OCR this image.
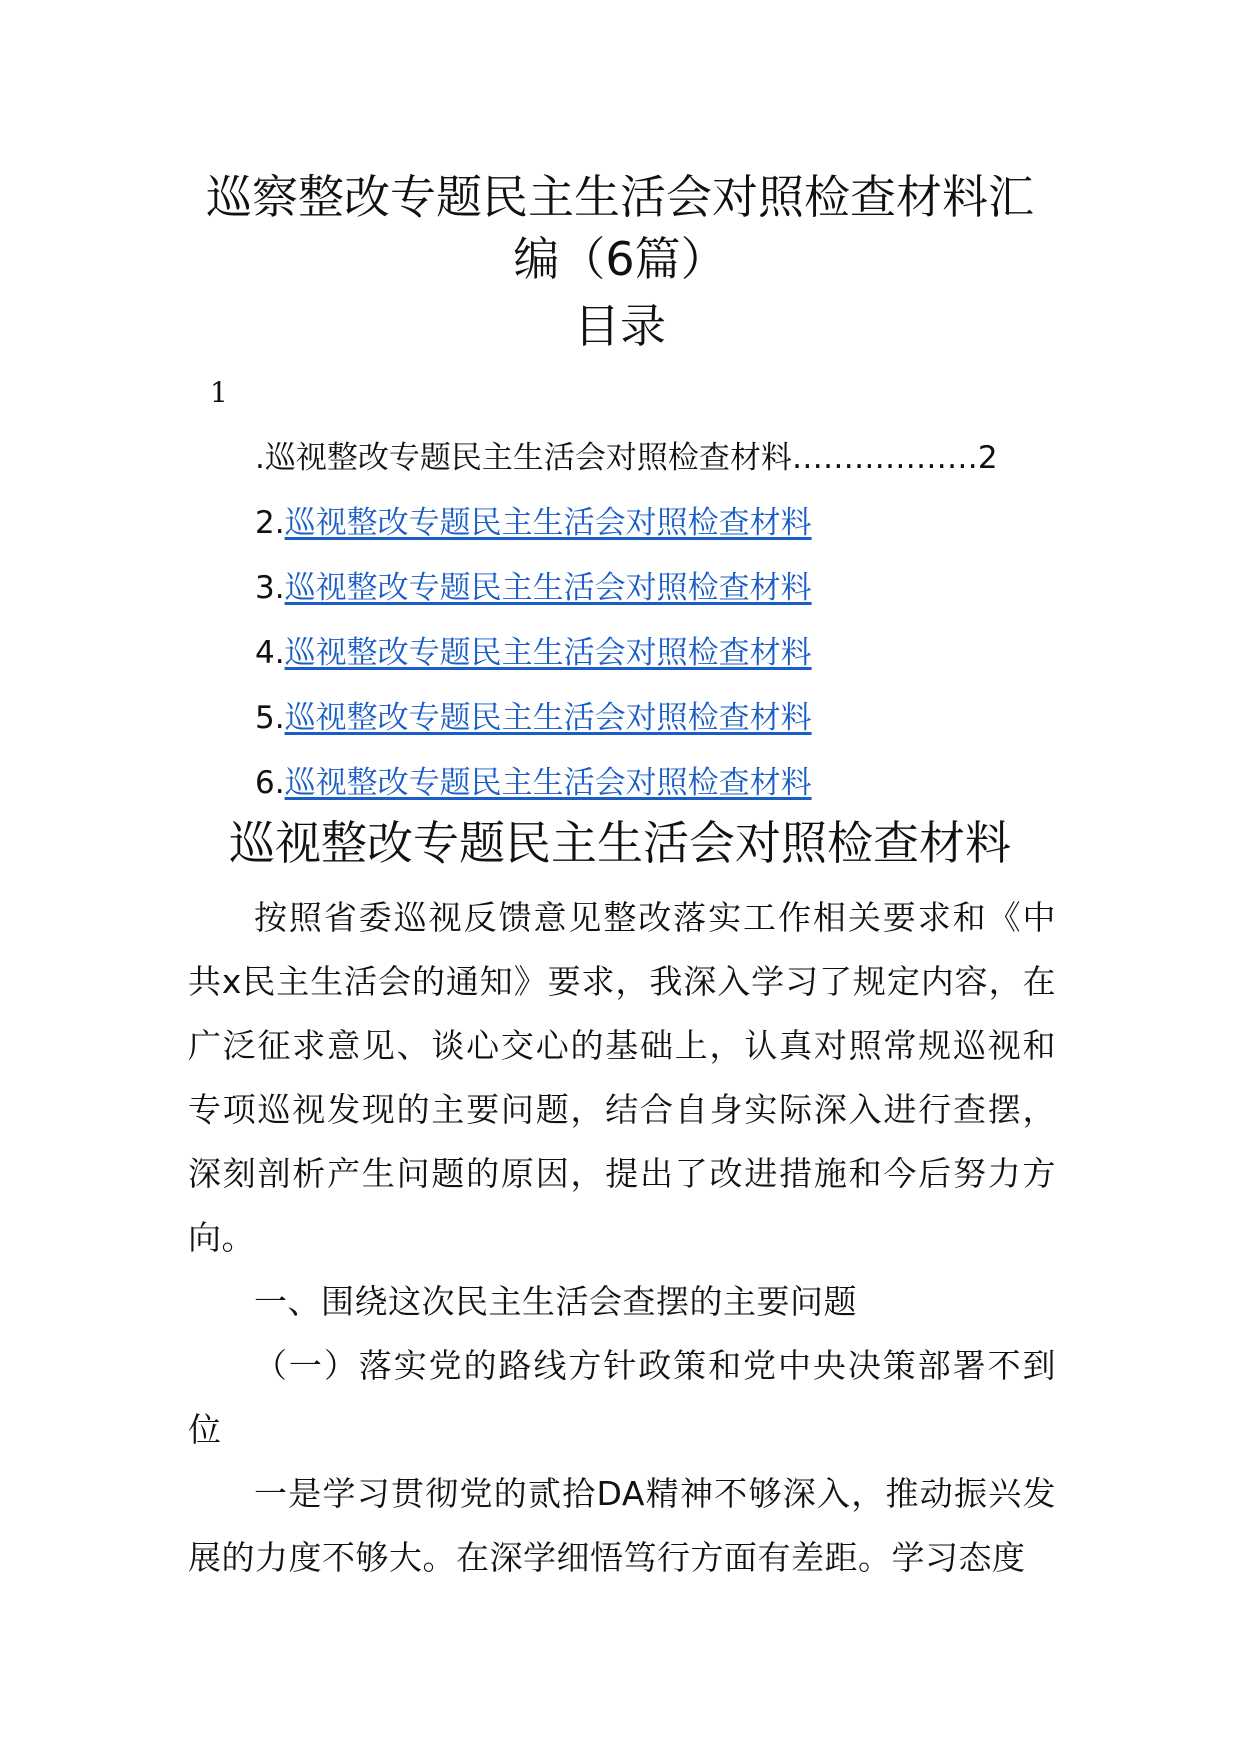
巡察整改专题民主生活会对照检查材料汇编（6篇）
目录
1
.巡视整改专题民主生活会对照检查材料………………2
2.巡视整改专题民主生活会对照检查材料
3.巡视整改专题民主生活会对照检查材料
4.巡视整改专题民主生活会对照检查材料
5.巡视整改专题民主生活会对照检查材料
6.巡视整改专题民主生活会对照检查材料
巡视整改专题民主生活会对照检查材料

按照省委巡视反馈意见整改落实工作相关要求和《中共x民主生活会的通知》要求，我深入学习了规定内容，在广泛征求意见、谈心交心的基础上，认真对照常规巡视和专项巡视发现的主要问题，结合自身实际深入进行查摆，深刻剖析产生问题的原因，提出了改进措施和今后努力方向。

一、围绕这次民主生活会查摆的主要问题

（一）落实党的路线方针政策和党中央决策部署不到位

一是学习贯彻党的贰拾DA精神不够深入，推动振兴发展的力度不够大。在深学细悟笃行方面有差距。学习态度
